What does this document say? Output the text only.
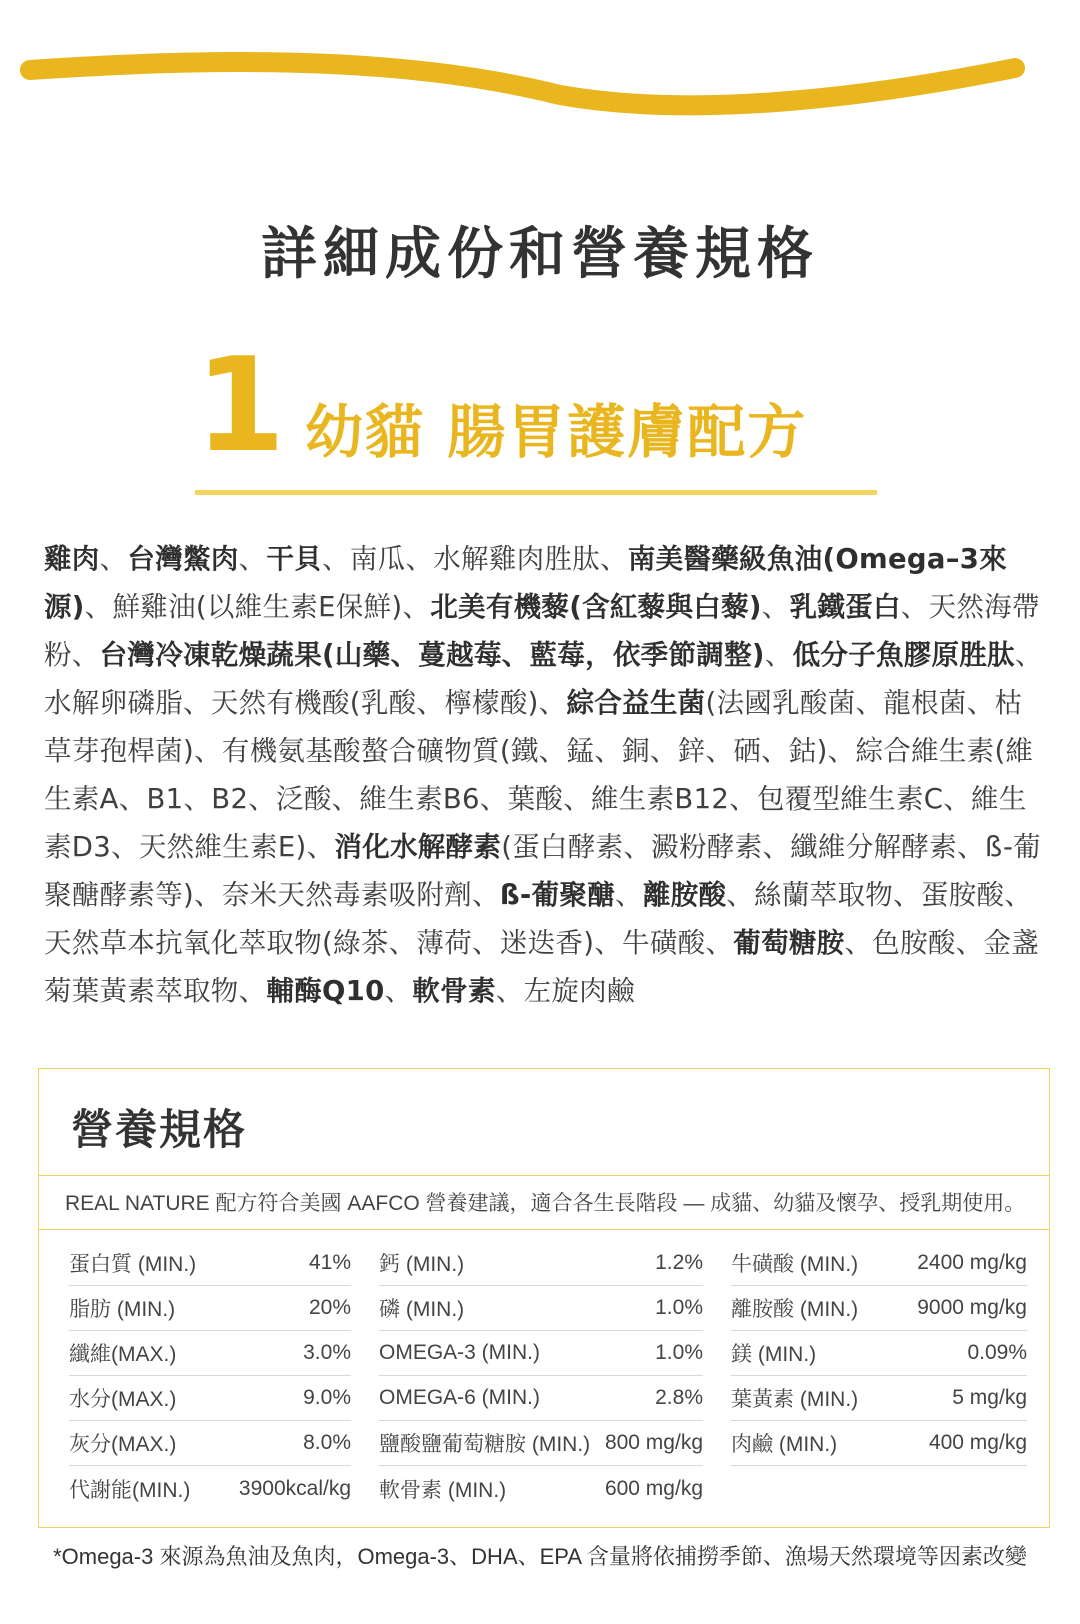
詳細成份和營養規格
1 幼貓 腸胃護膚配方
雞肉、台灣鱉肉、干貝、南瓜、水解雞肉胜肽、南美醫藥級魚油(Omega–3來源)、鮮雞油(以維生素E保鮮)、北美有機藜(含紅藜與白藜)、乳鐵蛋白、天然海帶粉、台灣冷凍乾燥蔬果(山藥、蔓越莓、藍莓，依季節調整)、低分子魚膠原胜肽、水解卵磷脂、天然有機酸(乳酸、檸檬酸)、綜合益生菌(法國乳酸菌、龍根菌、枯草芽孢桿菌)、有機氨基酸螯合礦物質(鐵、錳、銅、鋅、硒、鈷)、綜合維生素(維生素A、B1、B2、泛酸、維生素B6、葉酸、維生素B12、包覆型維生素C、維生素D3、天然維生素E)、消化水解酵素(蛋白酵素、澱粉酵素、纖維分解酵素、ß-葡聚醣酵素等)、奈米天然毒素吸附劑、ß-葡聚醣、離胺酸、絲蘭萃取物、蛋胺酸、天然草本抗氧化萃取物(綠茶、薄荷、迷迭香)、牛磺酸、葡萄糖胺、色胺酸、金盞菊葉黃素萃取物、輔酶Q10、軟骨素、左旋肉鹼
營養規格
REAL NATURE 配方符合美國 AAFCO 營養建議，適合各生長階段 — 成貓、幼貓及懷孕、授乳期使用。
蛋白質 (MIN.)	41%
脂肪 (MIN.)	20%
纖維(MAX.)	3.0%
水分(MAX.)	9.0%
灰分(MAX.)	8.0%
代謝能(MIN.) 3900kcal/kg
鈣 (MIN.)	1.2%
磷 (MIN.)	1.0%
OMEGA-3 (MIN.)	1.0%
OMEGA-6 (MIN.)	2.8%
鹽酸鹽葡萄糖胺 (MIN.) 800 mg/kg
軟骨素 (MIN.)	600 mg/kg
牛磺酸 (MIN.)	2400 mg/kg
離胺酸 (MIN.)	9000 mg/kg
鎂 (MIN.)	0.09%
葉黃素 (MIN.)	5 mg/kg
肉鹼 (MIN.)	400 mg/kg
*Omega-3 來源為魚油及魚肉，Omega-3、DHA、EPA 含量將依捕撈季節、漁場天然環境等因素改變
